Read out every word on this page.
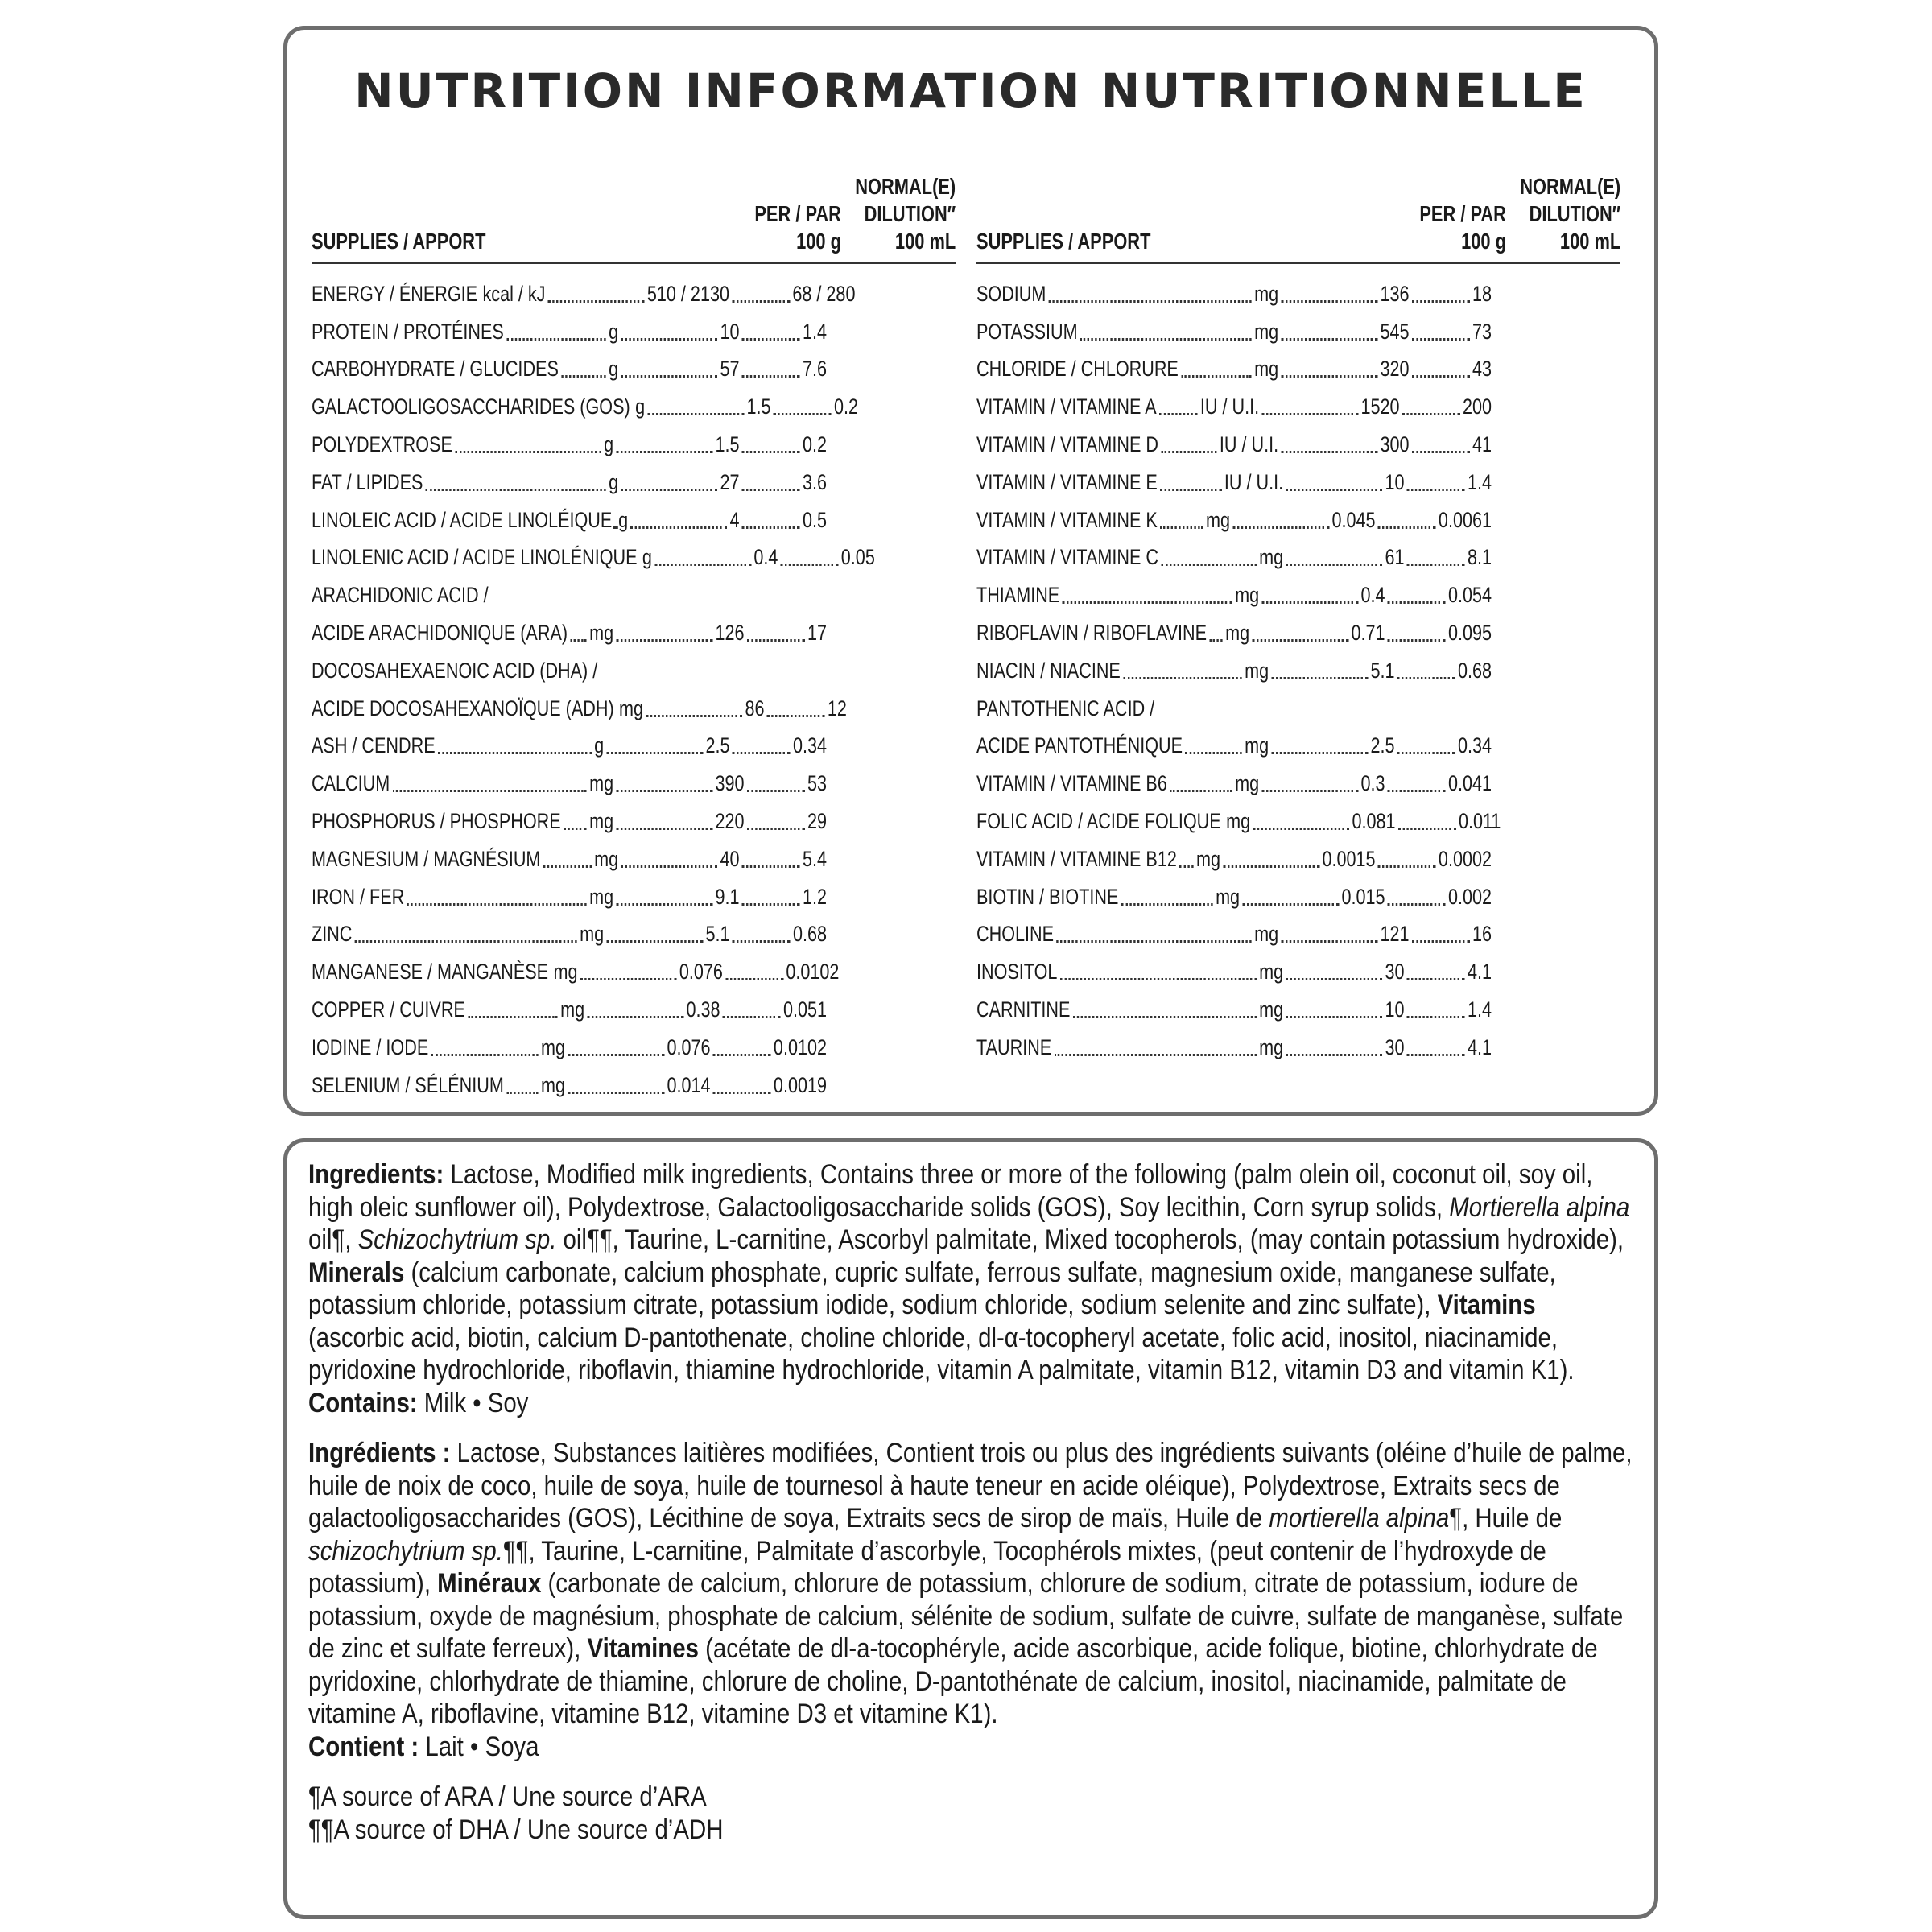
NUTRITION INFORMATION NUTRITIONNELLE
SUPPLIES / APPORT
PER / PAR
100 g
NORMAL(E)
DILUTION″
100 mL
ENERGY / ÉNERGIE kcal / kJ	510 / 2130	68 / 280
PROTEIN / PROTÉINES	g	10	1.4
CARBOHYDRATE / GLUCIDES g	57	7.6
GALACTOOLIGOSACCHARIDES (GOS) g	1.5	0.2
POLYDEXTROSE	g	1.5	0.2
FAT / LIPIDES	g	27	3.6
LINOLEIC ACID / ACIDE LINOLÉIQUE g	4	0.5
LINOLENIC ACID / ACIDE LINOLÉNIQUE g	0.4	0.05
ARACHIDONIC ACID /
ACIDE ARACHIDONIQUE (ARA) mg	126	17
DOCOSAHEXAENOIC ACID (DHA) /
ACIDE DOCOSAHEXANOÏQUE (ADH) mg	86	12
ASH / CENDRE	g	2.5	0.34
CALCIUM	mg	390	53
PHOSPHORUS / PHOSPHORE mg	220	29
MAGNESIUM / MAGNÉSIUM mg	40	5.4
IRON / FER	mg	9.1	1.2
ZINC	mg	5.1	0.68
MANGANESE / MANGANÈSE mg	0.076	0.0102
COPPER / CUIVRE	mg	0.38	0.051
IODINE / IODE	mg	0.076	0.0102
SELENIUM / SÉLÉNIUM mg	0.014	0.0019
SUPPLIES / APPORT
PER / PAR
100 g
NORMAL(E)
DILUTION″
100 mL
SODIUM	mg	136	18
POTASSIUM	mg	545	73
CHLORIDE / CHLORURE	mg	320	43
VITAMIN / VITAMINE A IU / U.I.	1520	200
VITAMIN / VITAMINE D	IU / U.I.	300	41
VITAMIN / VITAMINE E	IU / U.I.	10	1.4
VITAMIN / VITAMINE K mg	0.045	0.0061
VITAMIN / VITAMINE C	mg	61	8.1
THIAMINE	mg	0.4	0.054
RIBOFLAVIN / RIBOFLAVINE mg	0.71	0.095
NIACIN / NIACINE	mg	5.1	0.68
PANTOTHENIC ACID /
ACIDE PANTOTHÉNIQUE	mg	2.5	0.34
VITAMIN / VITAMINE B6	mg	0.3	0.041
FOLIC ACID / ACIDE FOLIQUE mg	0.081	0.011
VITAMIN / VITAMINE B12 mg	0.0015	0.0002
BIOTIN / BIOTINE	mg	0.015	0.002
CHOLINE	mg	121	16
INOSITOL	mg	30	4.1
CARNITINE	mg	10	1.4
TAURINE	mg	30	4.1

Ingredients: Lactose, Modified milk ingredients, Contains three or more of the following (palm olein oil, coconut oil, soy oil, high oleic sunflower oil), Polydextrose, Galactooligosaccharide solids (GOS), Soy lecithin, Corn syrup solids, Mortierella alpina oil¶, Schizochytrium sp. oil¶¶, Taurine, L-carnitine, Ascorbyl palmitate, Mixed tocopherols, (may contain potassium hydroxide), Minerals (calcium carbonate, calcium phosphate, cupric sulfate, ferrous sulfate, magnesium oxide, manganese sulfate, potassium chloride, potassium citrate, potassium iodide, sodium chloride, sodium selenite and zinc sulfate), Vitamins (ascorbic acid, biotin, calcium D-pantothenate, choline chloride, dl-α-tocopheryl acetate, folic acid, inositol, niacinamide, pyridoxine hydrochloride, riboflavin, thiamine hydrochloride, vitamin A palmitate, vitamin B12, vitamin D3 and vitamin K1).

Contains: Milk • Soy

Ingrédients : Lactose, Substances laitières modifiées, Contient trois ou plus des ingrédients suivants (oléine d’huile de palme, huile de noix de coco, huile de soya, huile de tournesol à haute teneur en acide oléique), Polydextrose, Extraits secs de galactooligosaccharides (GOS), Lécithine de soya, Extraits secs de sirop de maïs, Huile de mortierella alpina¶, Huile de schizochytrium sp.¶¶, Taurine, L-carnitine, Palmitate d’ascorbyle, Tocophérols mixtes, (peut contenir de l’hydroxyde de potassium), Minéraux (carbonate de calcium, chlorure de potassium, chlorure de sodium, citrate de potassium, iodure de potassium, oxyde de magnésium, phosphate de calcium, sélénite de sodium, sulfate de cuivre, sulfate de manganèse, sulfate de zinc et sulfate ferreux), Vitamines (acétate de dl-a-tocophéryle, acide ascorbique, acide folique, biotine, chlorhydrate de pyridoxine, chlorhydrate de thiamine, chlorure de choline, D-pantothénate de calcium, inositol, niacinamide, palmitate de vitamine A, riboflavine, vitamine B12, vitamine D3 et vitamine K1).

Contient : Lait • Soya

¶A source of ARA / Une source d’ARA

¶¶A source of DHA / Une source d’ADH
